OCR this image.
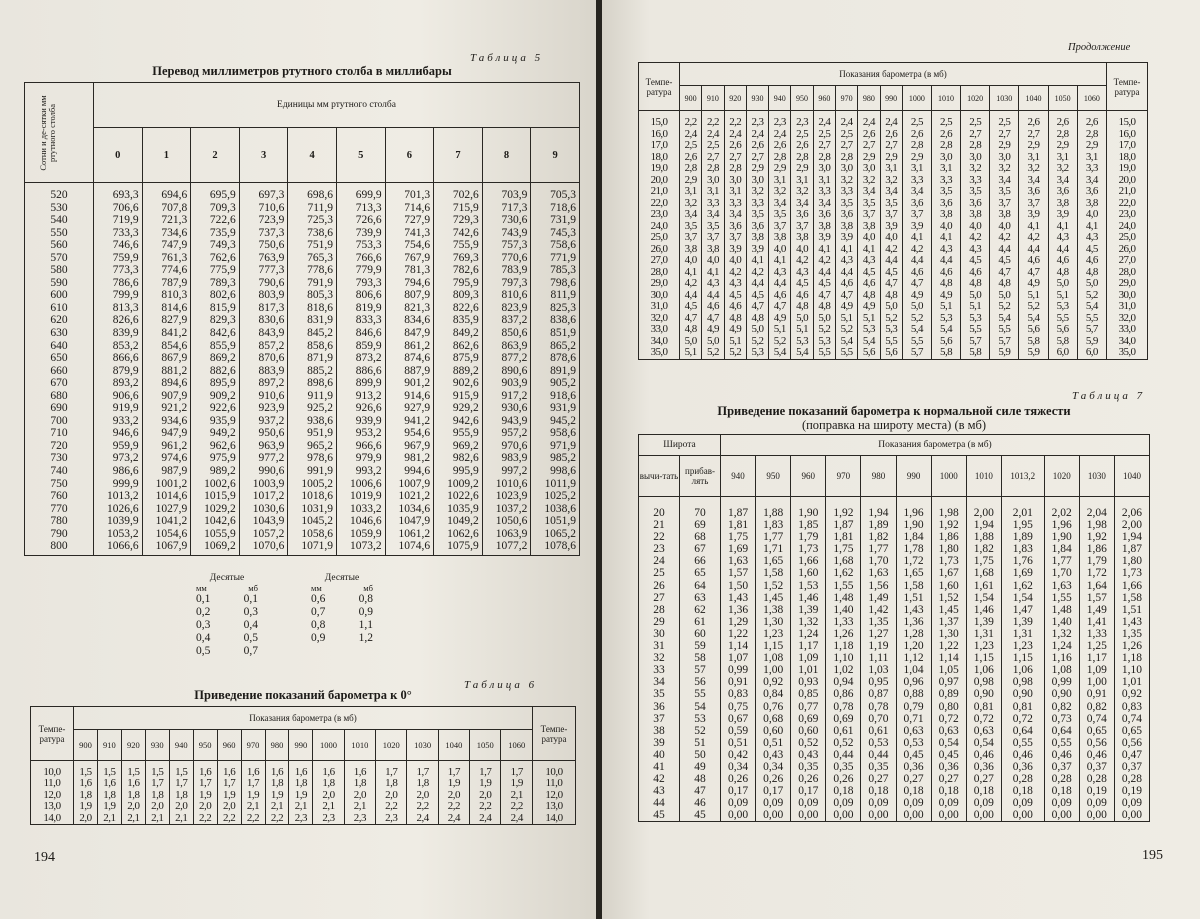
Таблица 5
Перевод миллиметров ртутного столба в миллибары
Сотни и де-сятки мм ртутного столба	Единицы мм ртутного столба									
	0	1	2	3	4	5	6	7	8	9
520	693,3	694,6	695,9	697,3	698,6	699,9	701,3	702,6	703,9	705,3
530	706,6	707,8	709,3	710,6	711,9	713,3	714,6	715,9	717,3	718,6
540	719,9	721,3	722,6	723,9	725,3	726,6	727,9	729,3	730,6	731,9
550	733,3	734,6	735,9	737,3	738,6	739,9	741,3	742,6	743,9	745,3
560	746,6	747,9	749,3	750,6	751,9	753,3	754,6	755,9	757,3	758,6
570	759,9	761,3	762,6	763,9	765,3	766,6	767,9	769,3	770,6	771,9
580	773,3	774,6	775,9	777,3	778,6	779,9	781,3	782,6	783,9	785,3
590	786,6	787,9	789,3	790,6	791,9	793,3	794,6	795,9	797,3	798,6
600	799,9	810,3	802,6	803,9	805,3	806,6	807,9	809,3	810,6	811,9
610	813,3	814,6	815,9	817,3	818,6	819,9	821,3	822,6	823,9	825,3
620	826,6	827,9	829,3	830,6	831,9	833,3	834,6	835,9	837,2	838,6
630	839,9	841,2	842,6	843,9	845,2	846,6	847,9	849,2	850,6	851,9
640	853,2	854,6	855,9	857,2	858,6	859,9	861,2	862,6	863,9	865,2
650	866,6	867,9	869,2	870,6	871,9	873,2	874,6	875,9	877,2	878,6
660	879,9	881,2	882,6	883,9	885,2	886,6	887,9	889,2	890,6	891,9
670	893,2	894,6	895,9	897,2	898,6	899,9	901,2	902,6	903,9	905,2
680	906,6	907,9	909,2	910,6	911,9	913,2	914,6	915,9	917,2	918,6
690	919,9	921,2	922,6	923,9	925,2	926,6	927,9	929,2	930,6	931,9
700	933,2	934,6	935,9	937,2	938,6	939,9	941,2	942,6	943,9	945,2
710	946,6	947,9	949,2	950,6	951,9	953,2	954,6	955,9	957,2	958,6
720	959,9	961,2	962,6	963,9	965,2	966,6	967,9	969,2	970,6	971,9
730	973,2	974,6	975,9	977,2	978,6	979,9	981,2	982,6	983,9	985,2
740	986,6	987,9	989,2	990,6	991,9	993,2	994,6	995,9	997,2	998,6
750	999,9	1001,2	1002,6	1003,9	1005,2	1006,6	1007,9	1009,2	1010,6	1011,9
760	1013,2	1014,6	1015,9	1017,2	1018,6	1019,9	1021,2	1022,6	1023,9	1025,2
770	1026,6	1027,9	1029,2	1030,6	1031,9	1033,2	1034,6	1035,9	1037,2	1038,6
780	1039,9	1041,2	1042,6	1043,9	1045,2	1046,6	1047,9	1049,2	1050,6	1051,9
790	1053,2	1054,6	1055,9	1057,2	1058,6	1059,9	1061,2	1062,6	1063,9	1065,2
800	1066,6	1067,9	1069,2	1070,6	1071,9	1073,2	1074,6	1075,9	1077,2	1078,6
Десятые
мм	мб
0,1	0,1
0,2	0,3
0,3	0,4
0,4	0,5
0,5	0,7
Десятые
мм	мб
0,6	0,8
0,7	0,9
0,8	1,1
0,9	1,2
Таблица 6
Приведение показаний барометра к 0°
Темпе-ратура	Показания барометра (в мб)																	Темпе-ратура
	900	910	920	930	940	950	960	970	980	990	1000	1010	1020	1030	1040	1050	1060	
10,0	1,5	1,5	1,5	1,5	1,5	1,6	1,6	1,6	1,6	1,6	1,6	1,6	1,7	1,7	1,7	1,7	1,7	10,0
11,0	1,6	1,6	1,6	1,7	1,7	1,7	1,7	1,7	1,8	1,8	1,8	1,8	1,8	1,8	1,9	1,9	1,9	11,0
12,0	1,8	1,8	1,8	1,8	1,8	1,9	1,9	1,9	1,9	1,9	2,0	2,0	2,0	2,0	2,0	2,0	2,1	12,0
13,0	1,9	1,9	2,0	2,0	2,0	2,0	2,0	2,1	2,1	2,1	2,1	2,1	2,2	2,2	2,2	2,2	2,2	13,0
14,0	2,0	2,1	2,1	2,1	2,1	2,2	2,2	2,2	2,2	2,3	2,3	2,3	2,3	2,4	2,4	2,4	2,4	14,0
194
Продолжение
Темпе-ратура	Показания барометра (в мб)																	Темпе-ратура
	900	910	920	930	940	950	960	970	980	990	1000	1010	1020	1030	1040	1050	1060	
15,0	2,2	2,2	2,2	2,3	2,3	2,3	2,4	2,4	2,4	2,4	2,5	2,5	2,5	2,5	2,6	2,6	2,6	15,0
16,0	2,4	2,4	2,4	2,4	2,4	2,5	2,5	2,5	2,6	2,6	2,6	2,6	2,7	2,7	2,7	2,8	2,8	16,0
17,0	2,5	2,5	2,6	2,6	2,6	2,6	2,7	2,7	2,7	2,7	2,8	2,8	2,8	2,9	2,9	2,9	2,9	17,0
18,0	2,6	2,7	2,7	2,7	2,8	2,8	2,8	2,8	2,9	2,9	2,9	3,0	3,0	3,0	3,1	3,1	3,1	18,0
19,0	2,8	2,8	2,8	2,9	2,9	2,9	3,0	3,0	3,0	3,1	3,1	3,1	3,2	3,2	3,2	3,2	3,3	19,0
20,0	2,9	3,0	3,0	3,0	3,1	3,1	3,1	3,2	3,2	3,2	3,3	3,3	3,3	3,4	3,4	3,4	3,4	20,0
21,0	3,1	3,1	3,1	3,2	3,2	3,2	3,3	3,3	3,4	3,4	3,4	3,5	3,5	3,5	3,6	3,6	3,6	21,0
22,0	3,2	3,3	3,3	3,3	3,4	3,4	3,4	3,5	3,5	3,5	3,6	3,6	3,6	3,7	3,7	3,8	3,8	22,0
23,0	3,4	3,4	3,4	3,5	3,5	3,6	3,6	3,6	3,7	3,7	3,7	3,8	3,8	3,8	3,9	3,9	4,0	23,0
24,0	3,5	3,5	3,6	3,6	3,7	3,7	3,8	3,8	3,8	3,9	3,9	4,0	4,0	4,0	4,1	4,1	4,1	24,0
25,0	3,7	3,7	3,7	3,8	3,8	3,8	3,9	3,9	4,0	4,0	4,1	4,1	4,2	4,2	4,2	4,3	4,3	25,0
26,0	3,8	3,8	3,9	3,9	4,0	4,0	4,1	4,1	4,1	4,2	4,2	4,3	4,3	4,4	4,4	4,4	4,5	26,0
27,0	4,0	4,0	4,0	4,1	4,1	4,2	4,2	4,3	4,3	4,4	4,4	4,4	4,5	4,5	4,6	4,6	4,6	27,0
28,0	4,1	4,1	4,2	4,2	4,3	4,3	4,4	4,4	4,5	4,5	4,6	4,6	4,6	4,7	4,7	4,8	4,8	28,0
29,0	4,2	4,3	4,3	4,4	4,4	4,5	4,5	4,6	4,6	4,7	4,7	4,8	4,8	4,8	4,9	5,0	5,0	29,0
30,0	4,4	4,4	4,5	4,5	4,6	4,6	4,7	4,7	4,8	4,8	4,9	4,9	5,0	5,0	5,1	5,1	5,2	30,0
31,0	4,5	4,6	4,6	4,7	4,7	4,8	4,8	4,9	4,9	5,0	5,0	5,1	5,1	5,2	5,2	5,3	5,4	31,0
32,0	4,7	4,7	4,8	4,8	4,9	5,0	5,0	5,1	5,1	5,2	5,2	5,3	5,3	5,4	5,4	5,5	5,5	32,0
33,0	4,8	4,9	4,9	5,0	5,1	5,1	5,2	5,2	5,3	5,3	5,4	5,4	5,5	5,5	5,6	5,6	5,7	33,0
34,0	5,0	5,0	5,1	5,2	5,2	5,3	5,3	5,4	5,4	5,5	5,5	5,6	5,7	5,7	5,8	5,8	5,9	34,0
35,0	5,1	5,2	5,2	5,3	5,4	5,4	5,5	5,5	5,6	5,6	5,7	5,8	5,8	5,9	5,9	6,0	6,0	35,0
Таблица 7
Приведение показаний барометра к нормальной силе тяжести
(поправка на широту места) (в мб)
Широта		Показания барометра (в мб)											
вычи-тать	прибав-лять	940	950	960	970	980	990	1000	1010	1013,2	1020	1030	1040
20	70	1,87	1,88	1,90	1,92	1,94	1,96	1,98	2,00	2,01	2,02	2,04	2,06
21	69	1,81	1,83	1,85	1,87	1,89	1,90	1,92	1,94	1,95	1,96	1,98	2,00
22	68	1,75	1,77	1,79	1,81	1,82	1,84	1,86	1,88	1,89	1,90	1,92	1,94
23	67	1,69	1,71	1,73	1,75	1,77	1,78	1,80	1,82	1,83	1,84	1,86	1,87
24	66	1,63	1,65	1,66	1,68	1,70	1,72	1,73	1,75	1,76	1,77	1,79	1,80
25	65	1,57	1,58	1,60	1,62	1,63	1,65	1,67	1,68	1,69	1,70	1,72	1,73
26	64	1,50	1,52	1,53	1,55	1,56	1,58	1,60	1,61	1,62	1,63	1,64	1,66
27	63	1,43	1,45	1,46	1,48	1,49	1,51	1,52	1,54	1,54	1,55	1,57	1,58
28	62	1,36	1,38	1,39	1,40	1,42	1,43	1,45	1,46	1,47	1,48	1,49	1,51
29	61	1,29	1,30	1,32	1,33	1,35	1,36	1,37	1,39	1,39	1,40	1,41	1,43
30	60	1,22	1,23	1,24	1,26	1,27	1,28	1,30	1,31	1,31	1,32	1,33	1,35
31	59	1,14	1,15	1,17	1,18	1,19	1,20	1,22	1,23	1,23	1,24	1,25	1,26
32	58	1,07	1,08	1,09	1,10	1,11	1,12	1,14	1,15	1,15	1,16	1,17	1,18
33	57	0,99	1,00	1,01	1,02	1,03	1,04	1,05	1,06	1,06	1,08	1,09	1,10
34	56	0,91	0,92	0,93	0,94	0,95	0,96	0,97	0,98	0,98	0,99	1,00	1,01
35	55	0,83	0,84	0,85	0,86	0,87	0,88	0,89	0,90	0,90	0,90	0,91	0,92
36	54	0,75	0,76	0,77	0,78	0,78	0,79	0,80	0,81	0,81	0,82	0,82	0,83
37	53	0,67	0,68	0,69	0,69	0,70	0,71	0,72	0,72	0,72	0,73	0,74	0,74
38	52	0,59	0,60	0,60	0,61	0,61	0,63	0,63	0,63	0,64	0,64	0,65	0,65
39	51	0,51	0,51	0,52	0,52	0,53	0,53	0,54	0,54	0,55	0,55	0,56	0,56
40	50	0,42	0,43	0,43	0,44	0,44	0,45	0,45	0,46	0,46	0,46	0,46	0,47
41	49	0,34	0,34	0,35	0,35	0,35	0,36	0,36	0,36	0,36	0,37	0,37	0,37
42	48	0,26	0,26	0,26	0,26	0,27	0,27	0,27	0,27	0,28	0,28	0,28	0,28
43	47	0,17	0,17	0,17	0,18	0,18	0,18	0,18	0,18	0,18	0,18	0,19	0,19
44	46	0,09	0,09	0,09	0,09	0,09	0,09	0,09	0,09	0,09	0,09	0,09	0,09
45	45	0,00	0,00	0,00	0,00	0,00	0,00	0,00	0,00	0,00	0,00	0,00	0,00
195
